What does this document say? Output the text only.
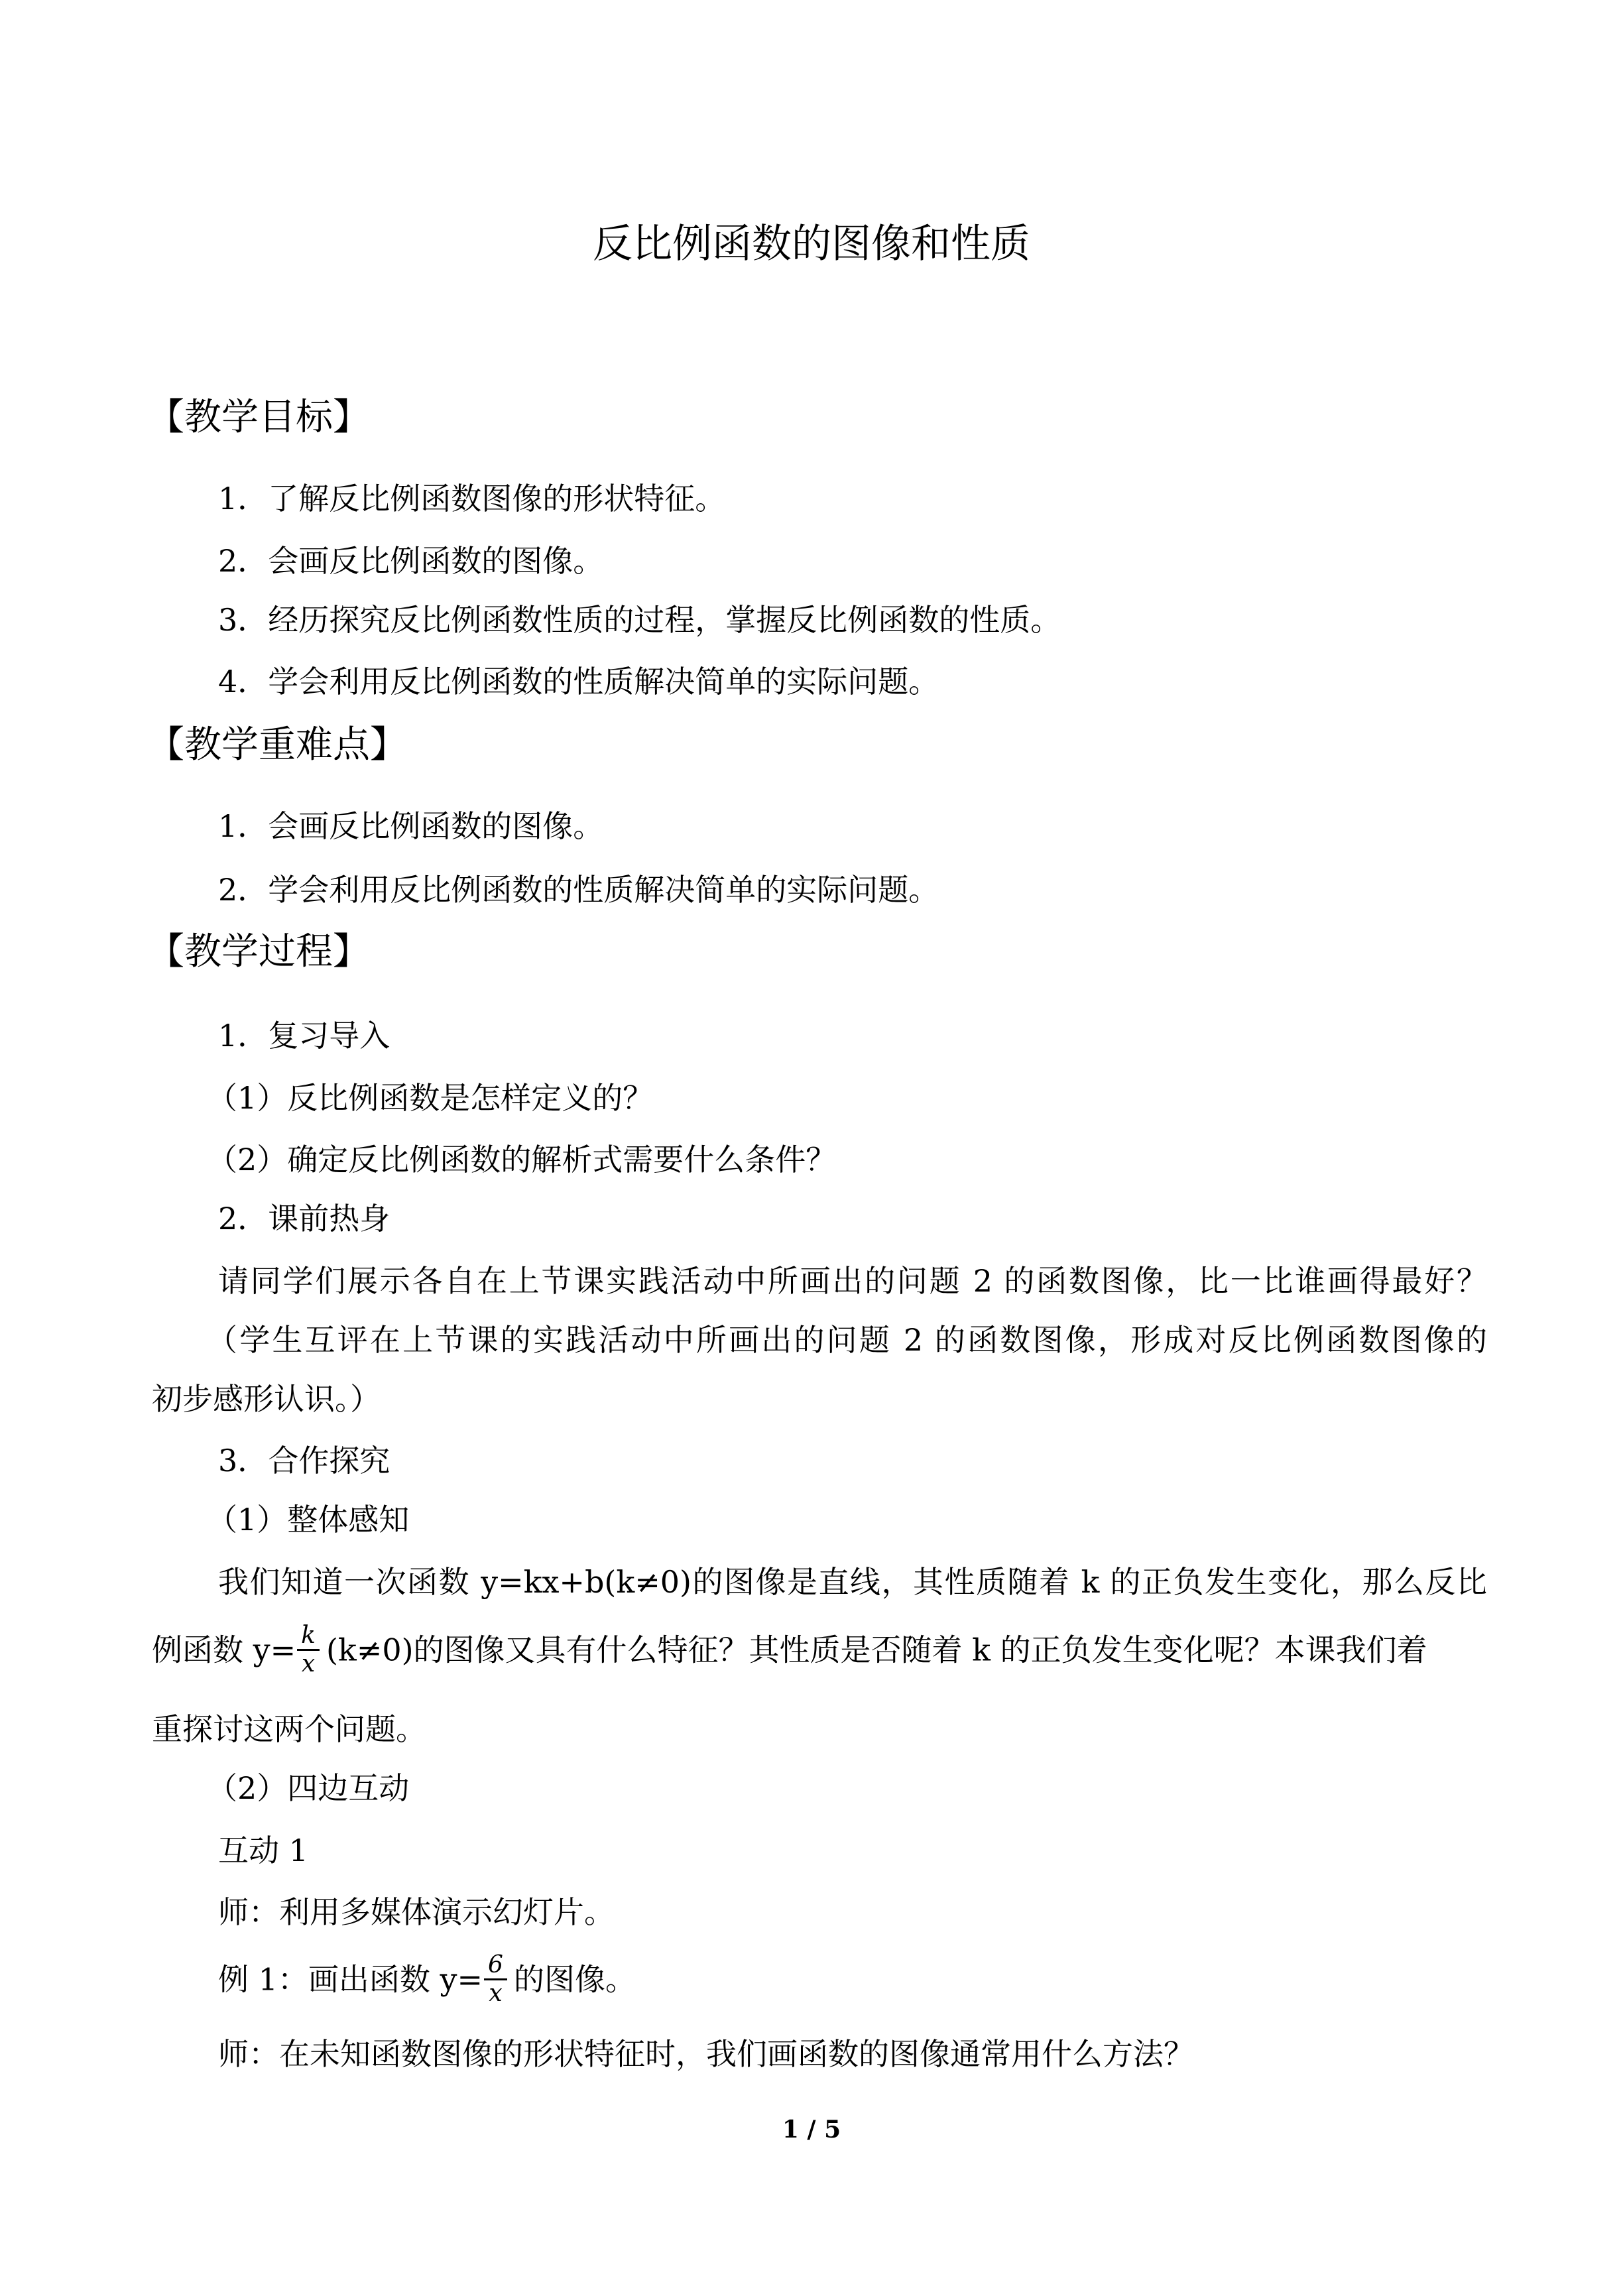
反比例函数的图像和性质
【教学目标】
1．了解反比例函数图像的形状特征。
2．会画反比例函数的图像。
3．经历探究反比例函数性质的过程，掌握反比例函数的性质。
4．学会利用反比例函数的性质解决简单的实际问题。
【教学重难点】
1．会画反比例函数的图像。
2．学会利用反比例函数的性质解决简单的实际问题。
【教学过程】
1．复习导入
（1）反比例函数是怎样定义的？
（2）确定反比例函数的解析式需要什么条件？
2．课前热身
请同学们展示各自在上节课实践活动中所画出的问题 2 的函数图像，比一比谁画得最好？
（学生互评在上节课的实践活动中所画出的问题 2 的函数图像，形成对反比例函数图像的
初步感形认识。）
3．合作探究
（1）整体感知
我们知道一次函数 y=kx+b(k≠0)的图像是直线，其性质随着 k 的正负发生变化，那么反比
例函数 $y= \frac{k}{x} (k\ne 0)$的图像又具有什么特征？其性质是否随着 k 的正负发生变化呢？本课我们着
重探讨这两个问题。
（2）四边互动
互动 1
师：利用多媒体演示幻灯片。
例 1：画出函数 $y= \frac{6}{x}$ 的图像。
师：在未知函数图像的形状特征时，我们画函数的图像通常用什么方法？
1 / 5
